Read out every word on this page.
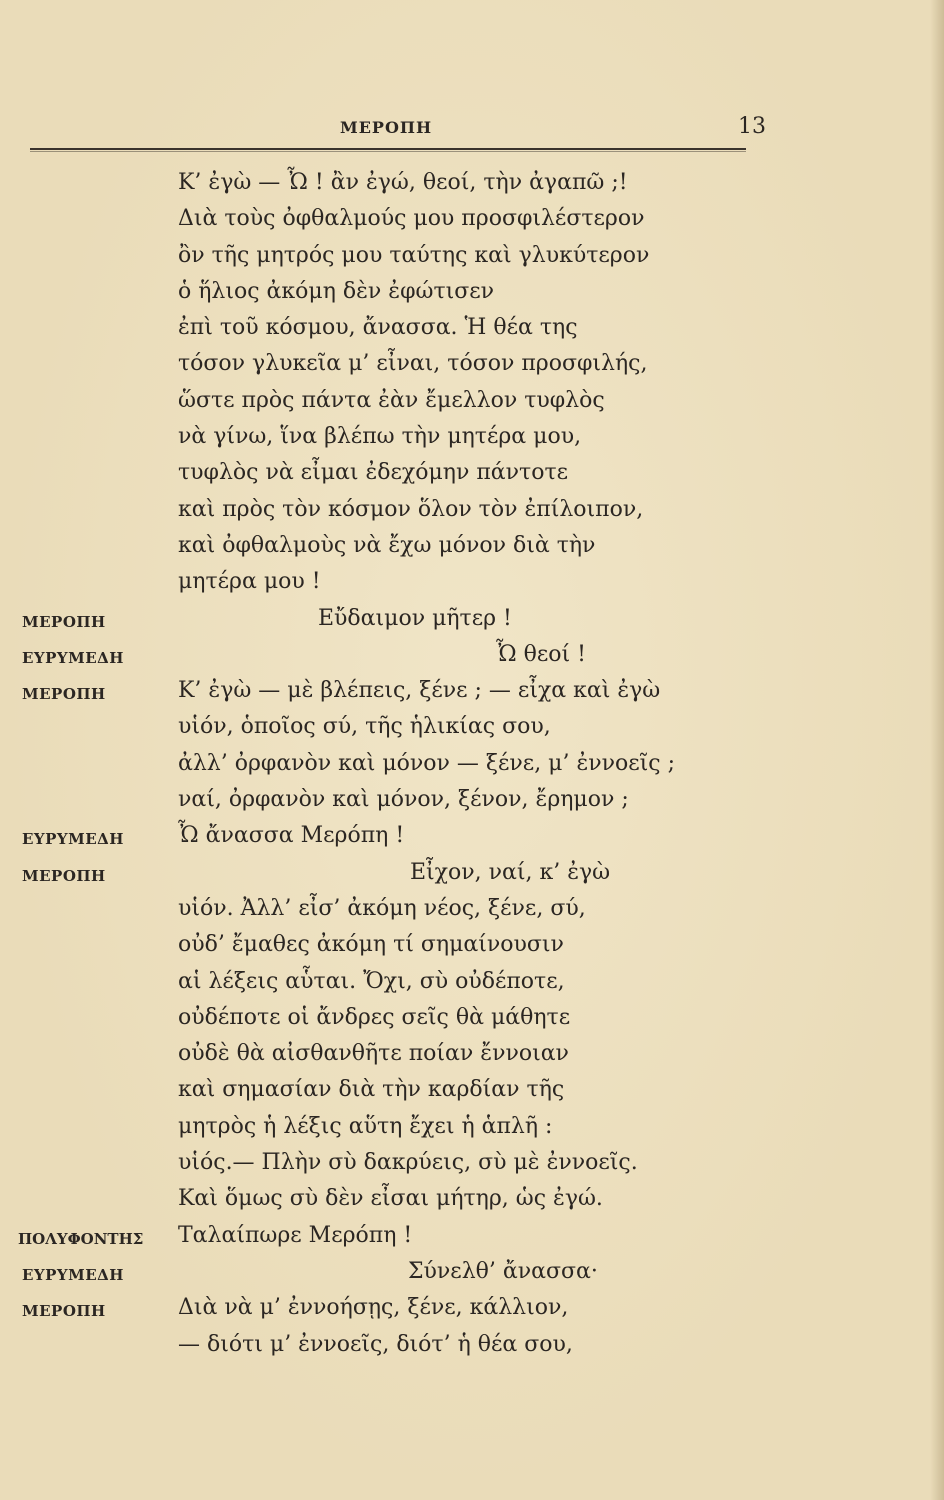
ΜΕΡΟΠΗ	13
Κ’ ἐγὼ — Ὦ ! ἂν ἐγώ, θεοί, τὴν ἀγαπῶ ;!
Διὰ τοὺς ὀφθαλμούς μου προσφιλέστερον
ὂν τῆς μητρός μου ταύτης καὶ γλυκύτερον
ὁ ἥλιος ἀκόμη δὲν ἐφώτισεν
ἐπὶ τοῦ κόσμου, ἄνασσα. Ἡ θέα της
τόσον γλυκεῖα μ’ εἶναι, τόσον προσφιλής,
ὥστε πρὸς πάντα ἐὰν ἔμελλον τυφλὸς
νὰ γίνω, ἵνα βλέπω τὴν μητέρα μου,
τυφλὸς νὰ εἶμαι ἐδεχόμην πάντοτε
καὶ πρὸς τὸν κόσμον ὅλον τὸν ἐπίλοιπον,
καὶ ὀφθαλμοὺς νὰ ἔχω μόνον διὰ τὴν
μητέρα μου !
ΜΕΡΟΠΗ	Εὔδαιμον μῆτερ !
ΕΥΡΥΜΕΔΗ	Ὦ θεοί !
ΜΕΡΟΠΗ	Κ’ ἐγὼ — μὲ βλέπεις, ξένε ; — εἶχα καὶ ἐγὼ
υἱόν, ὁποῖος σύ, τῆς ἡλικίας σου,
ἀλλ’ ὀρφανὸν καὶ μόνον — ξένε, μ’ ἐννοεῖς ;
ναί, ὀρφανὸν καὶ μόνον, ξένον, ἔρημον ;
ΕΥΡΥΜΕΔΗ Ὦ ἄνασσα Μερόπη !
ΜΕΡΟΠΗ	Εἶχον, ναί, κ’ ἐγὼ
υἱόν. Ἀλλ’ εἶσ’ ἀκόμη νέος, ξένε, σύ,
οὐδ’ ἔμαθες ἀκόμη τί σημαίνουσιν
αἱ λέξεις αὗται. Ὄχι, σὺ οὐδέποτε,
οὐδέποτε οἱ ἄνδρες σεῖς θὰ μάθητε
οὐδὲ θὰ αἰσθανθῆτε ποίαν ἔννοιαν
καὶ σημασίαν διὰ τὴν καρδίαν τῆς
μητρὸς ἡ λέξις αὕτη ἔχει ἡ ἁπλῆ :
υἱός.— Πλὴν σὺ δακρύεις, σὺ μὲ ἐννοεῖς.
Καὶ ὅμως σὺ δὲν εἶσαι μήτηρ, ὡς ἐγώ.
ΠΟΛΥΦΟΝΤΗΣ Ταλαίπωρε Μερόπη !
ΕΥΡΥΜΕΔΗ	Σύνελθ’ ἄνασσα·
ΜΕΡΟΠΗ	Διὰ νὰ μ’ ἐννοήσῃς, ξένε, κάλλιον,
— διότι μ’ ἐννοεῖς, διότ’ ἡ θέα σου,
